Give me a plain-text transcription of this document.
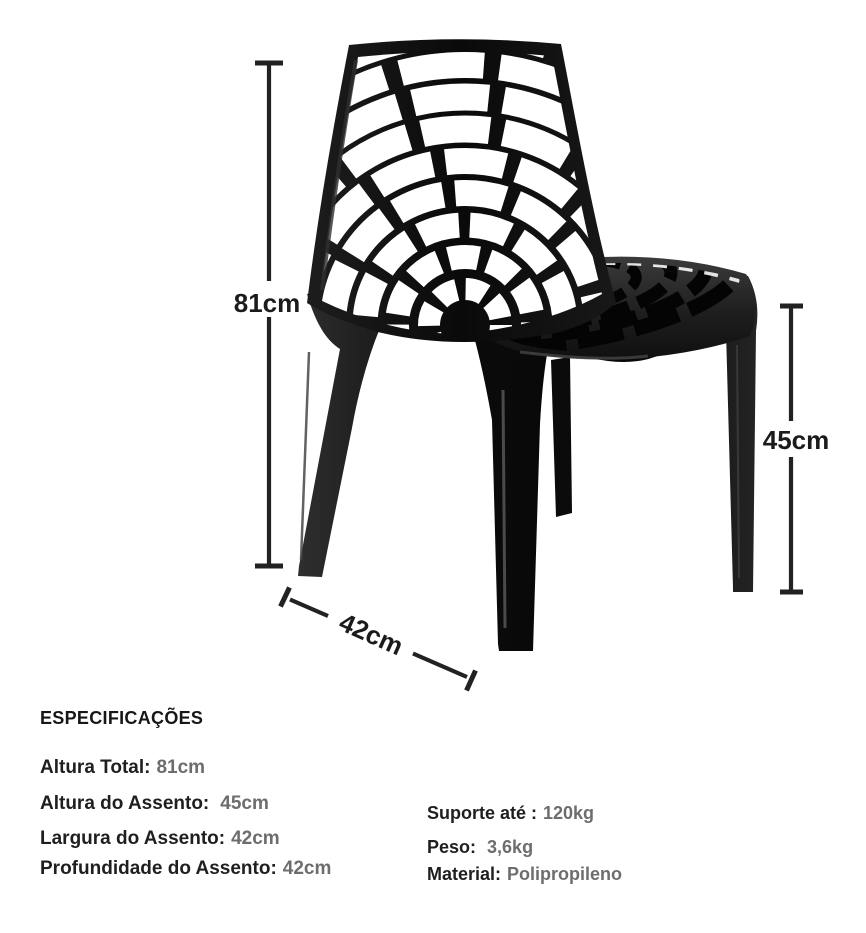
81cm
45cm
42cm
ESPECIFICAÇÕES
Altura Total: 81cm
Altura do Assento: 45cm
Largura do Assento: 42cm
Profundidade do Assento: 42cm
Suporte até : 120kg
Peso: 3,6kg
Material: Polipropileno
